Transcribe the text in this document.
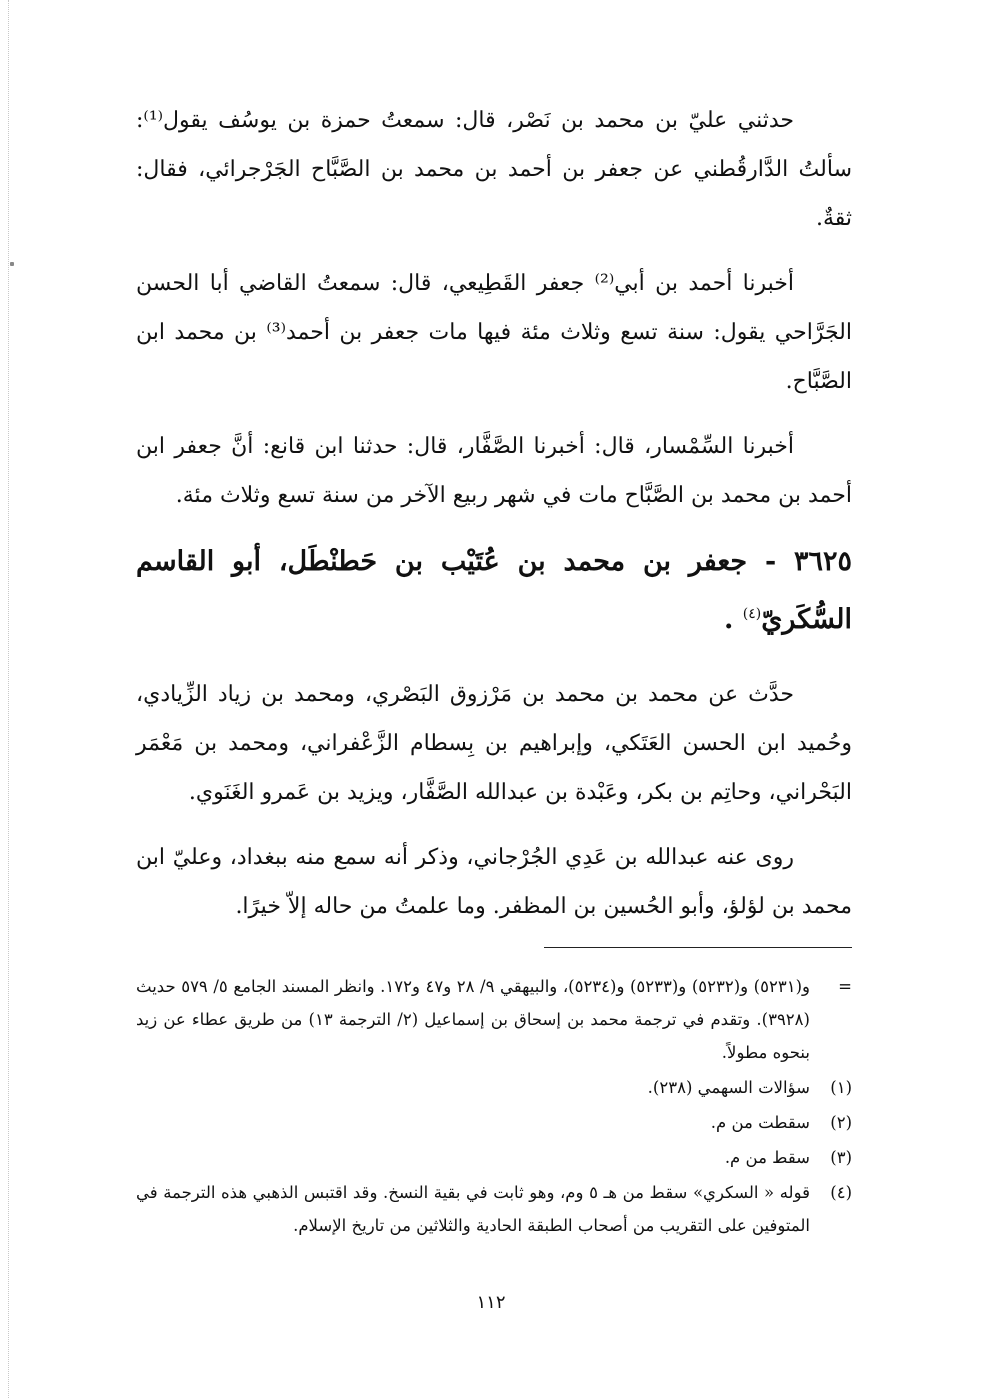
حدثني عليّ بن محمد بن نَصْر، قال: سمعتُ حمزة بن يوسُف يقول⁽¹⁾: سألتُ الدَّارقُطني عن جعفر بن أحمد بن محمد بن الصَّبَّاح الجَرْجرائي، فقال: ثقةٌ.

أخبرنا أحمد بن أبي⁽²⁾ جعفر القَطِيعي، قال: سمعتُ القاضي أبا الحسن الجَرَّاحي يقول: سنة تسع وثلاث مئة فيها مات جعفر بن أحمد⁽³⁾ بن محمد ابن الصَّبَّاح.

أخبرنا السِّمْسار، قال: أخبرنا الصَّفَّار، قال: حدثنا ابن قانع: أنَّ جعفر ابن أحمد بن محمد بن الصَّبَّاح مات في شهر ربيع الآخر من سنة تسع وثلاث مئة.

٣٦٢٥ - جعفر بن محمد بن عُتَيْب بن حَطنْطَل، أبو القاسم السُّكَريّ$^{(٤)}$ .

حدَّث عن محمد بن محمد بن مَرْزوق البَصْري، ومحمد بن زياد الزِّيادي، وحُميد ابن الحسن العَتَكي، وإبراهيم بن بِسطام الزَّعْفراني، ومحمد بن مَعْمَر البَحْراني، وحاتِم بن بكر، وعَبْدة بن عبدالله الصَّفَّار، ويزيد بن عَمرو الغَنَوي.

روى عنه عبدالله بن عَدِي الجُرْجاني، وذكر أنه سمع منه ببغداد، وعليّ ابن محمد بن لؤلؤ، وأبو الحُسين بن المظفر. وما علمتُ من حاله إلاّ خيرًا.

=
و(٥٢٣١) و(٥٢٣٢) و(٥٢٣٣) و(٥٢٣٤)، والبيهقي ٩/ ٢٨ و٤٧ و١٧٢. وانظر المسند الجامع ٥/ ٥٧٩ حديث (٣٩٢٨). وتقدم في ترجمة محمد بن إسحاق بن إسماعيل (٢/ الترجمة ١٣) من طريق عطاء عن زيد بنحوه مطولاً.
(١)
سؤالات السهمي (٢٣٨).
(٢)
سقطت من م.
(٣)
سقط من م.
(٤)
قوله « السكري» سقط من هـ ٥ وم، وهو ثابت في بقية النسخ. وقد اقتبس الذهبي هذه الترجمة في المتوفين على التقريب من أصحاب الطبقة الحادية والثلاثين من تاريخ الإسلام.
١١٢
